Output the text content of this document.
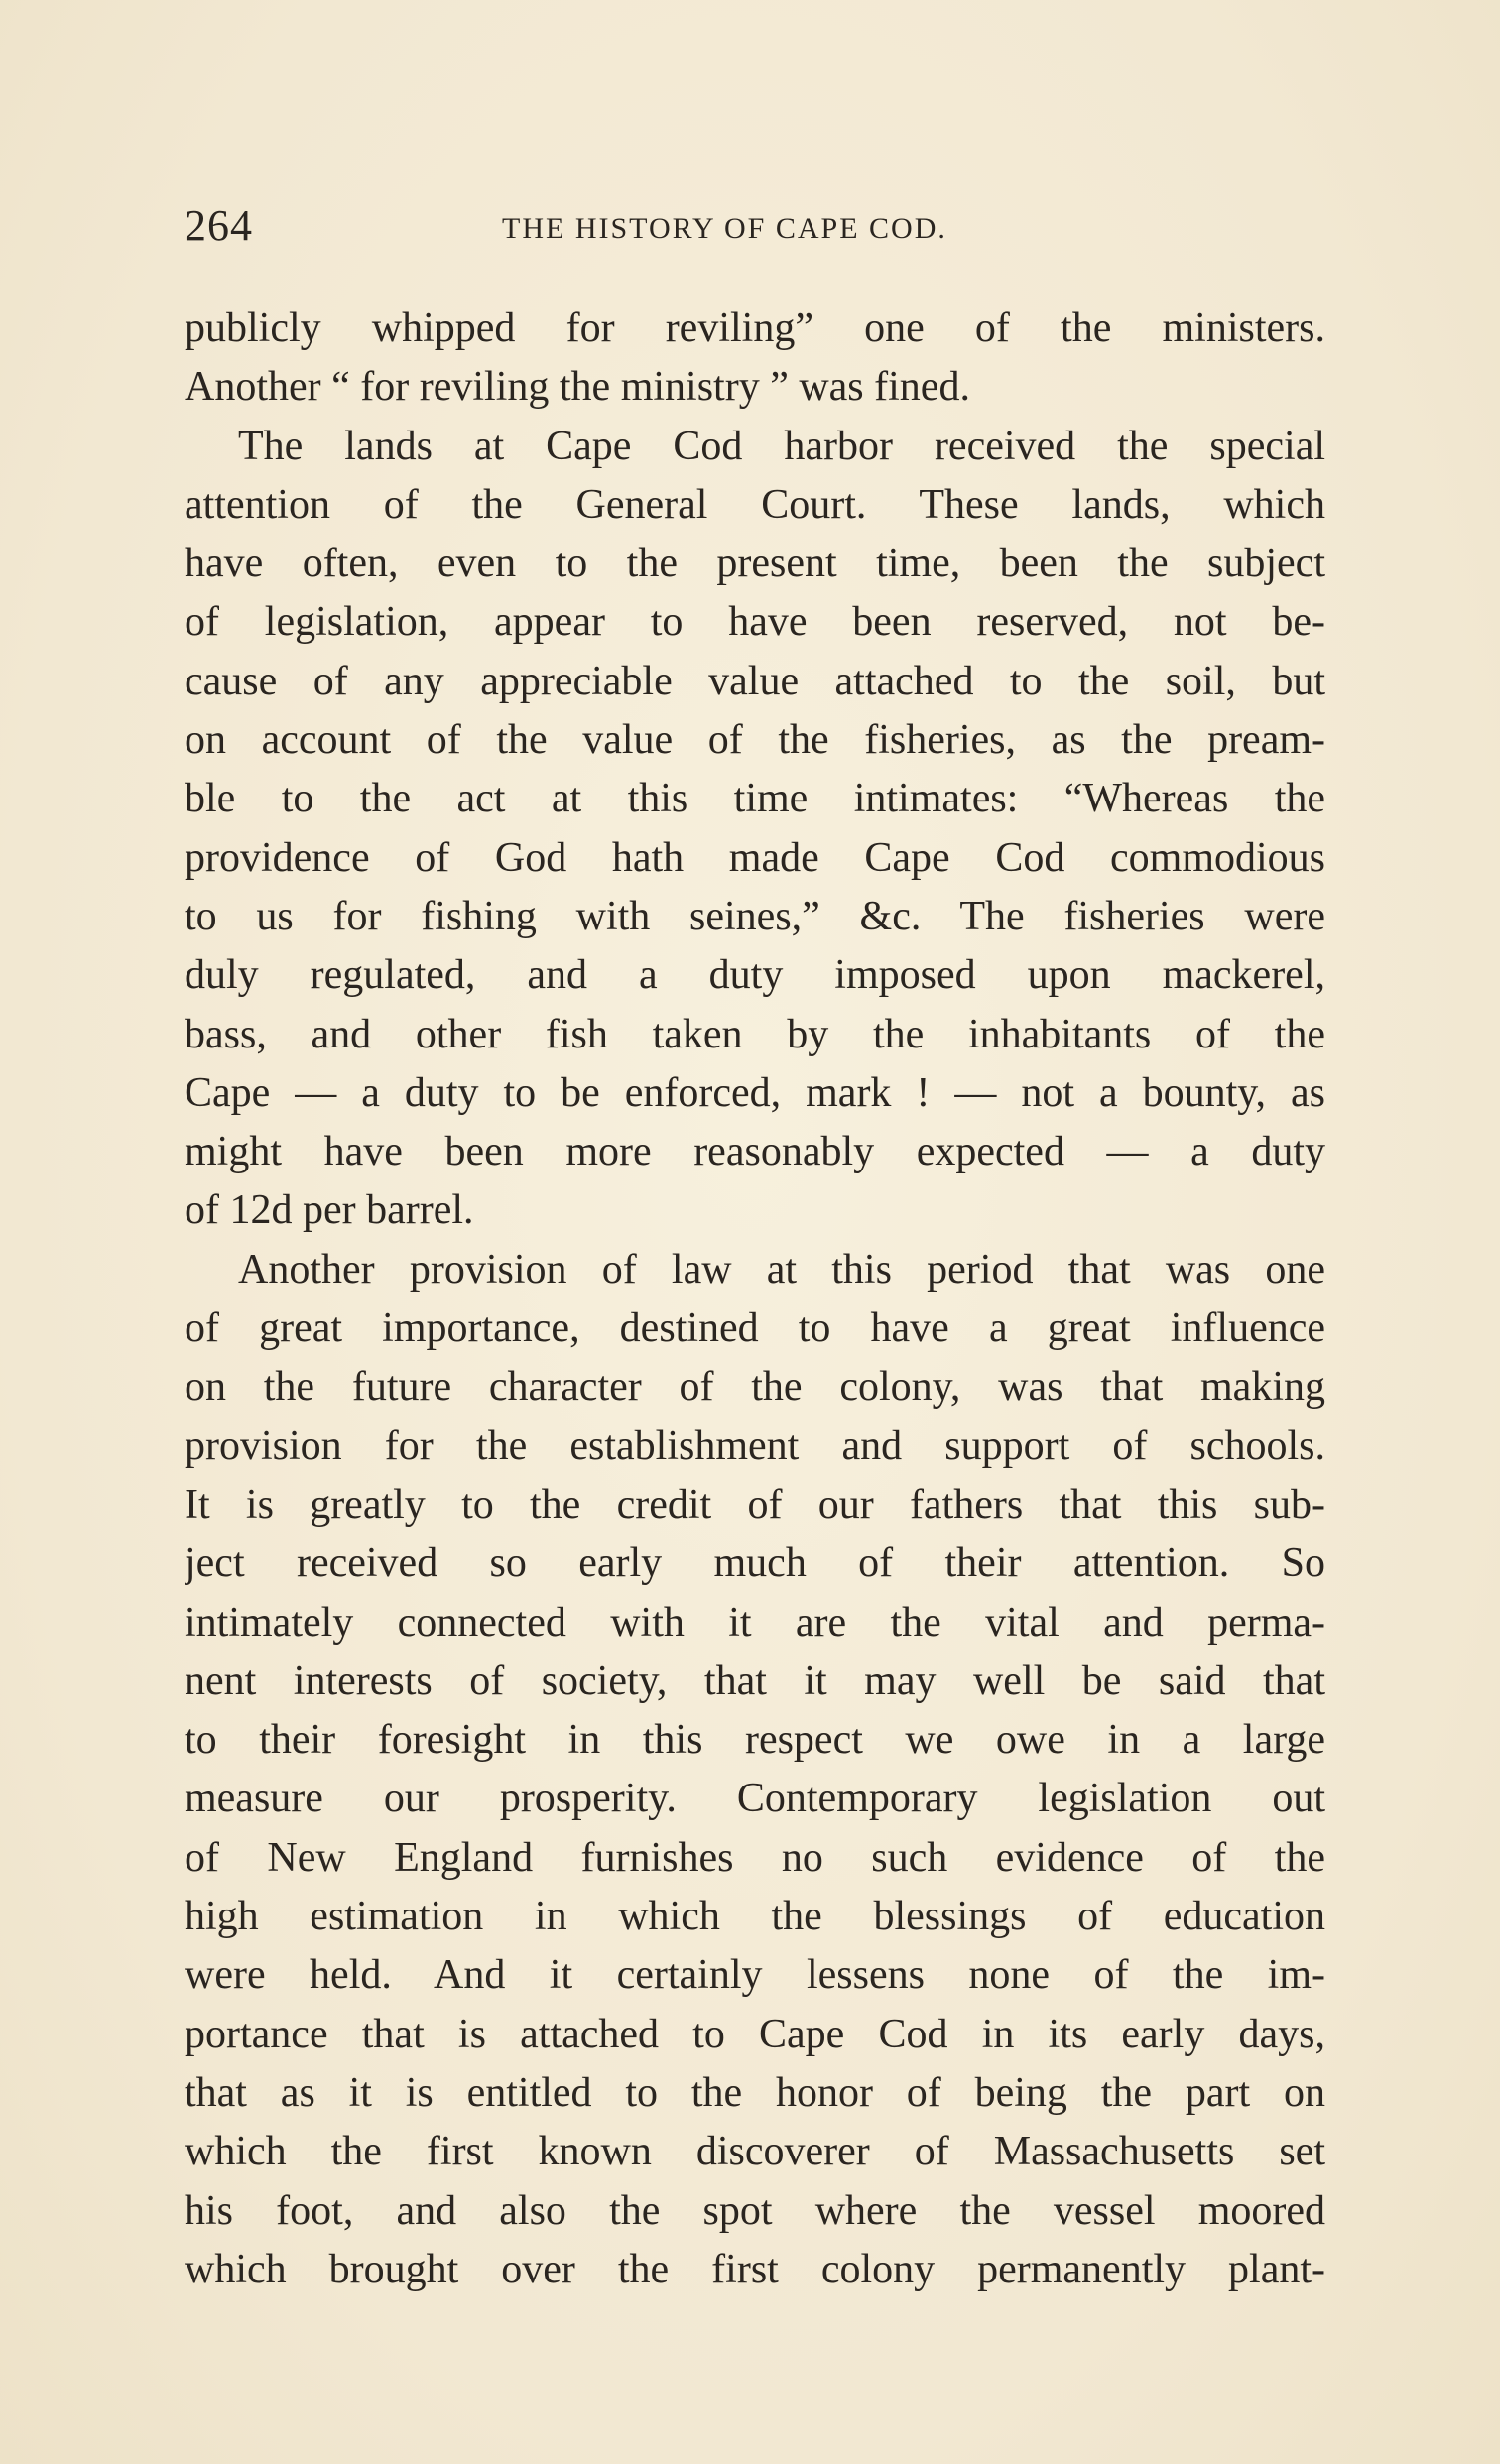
264	THE HISTORY OF CAPE COD.
publicly whipped for reviling” one of the ministers.
Another “ for reviling the ministry ” was fined.
The lands at Cape Cod harbor received the special
attention of the General Court. These lands, which
have often, even to the present time, been the subject
of legislation, appear to have been reserved, not be-
cause of any appreciable value attached to the soil, but
on account of the value of the fisheries, as the pream-
ble to the act at this time intimates: “Whereas the
providence of God hath made Cape Cod commodious
to us for fishing with seines,” &c. The fisheries were
duly regulated, and a duty imposed upon mackerel,
bass, and other fish taken by the inhabitants of the
Cape — a duty to be enforced, mark ! — not a bounty, as
might have been more reasonably expected — a duty
of 12d per barrel.
Another provision of law at this period that was one
of great importance, destined to have a great influence
on the future character of the colony, was that making
provision for the establishment and support of schools.
It is greatly to the credit of our fathers that this sub-
ject received so early much of their attention. So
intimately connected with it are the vital and perma-
nent interests of society, that it may well be said that
to their foresight in this respect we owe in a large
measure our prosperity. Contemporary legislation out
of New England furnishes no such evidence of the
high estimation in which the blessings of education
were held. And it certainly lessens none of the im-
portance that is attached to Cape Cod in its early days,
that as it is entitled to the honor of being the part on
which the first known discoverer of Massachusetts set
his foot, and also the spot where the vessel moored
which brought over the first colony permanently plant-
